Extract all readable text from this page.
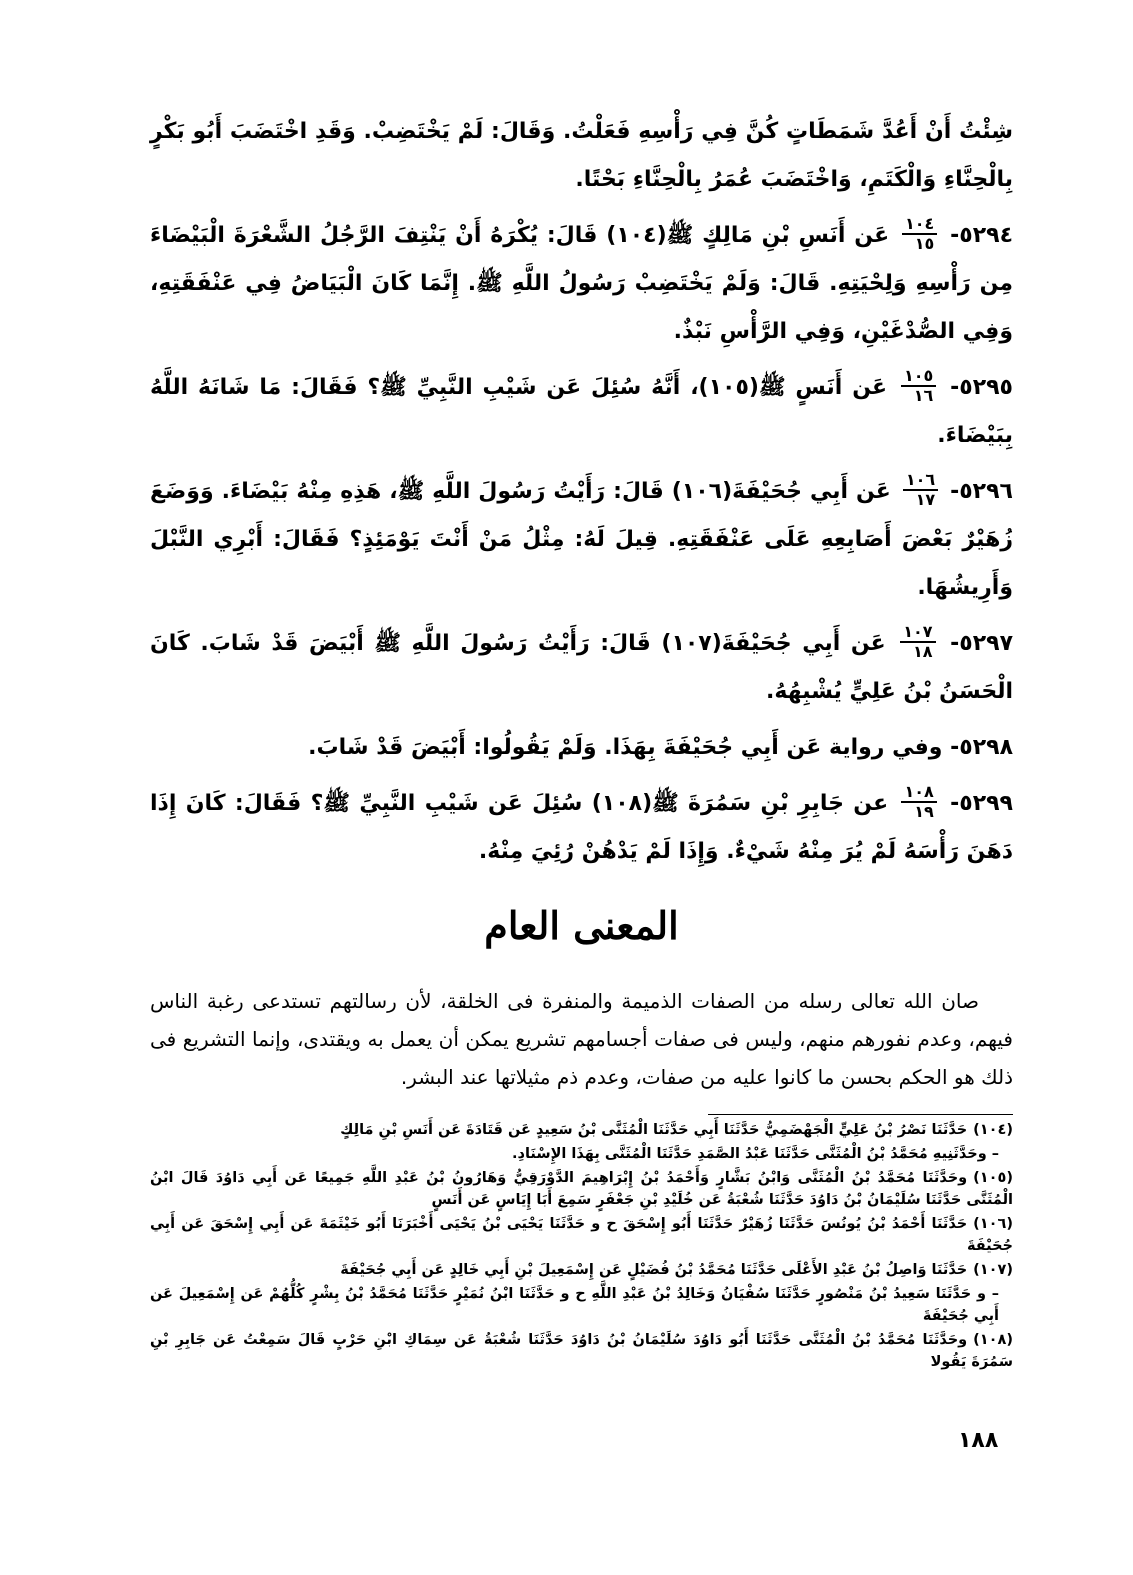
شِئْتُ أَنْ أَعُدَّ شَمَطَاتٍ كُنَّ فِي رَأْسِهِ فَعَلْتُ. وَقَالَ: لَمْ يَخْتَضِبْ. وَقَدِ اخْتَضَبَ أَبُو بَكْرٍ بِالْحِنَّاءِ وَالْكَتَمِ، وَاخْتَضَبَ عُمَرُ بِالْحِنَّاءِ بَحْتًا.

٥٢٩٤-
$\frac{١٠٤}{١٥}$
عَن أَنَسِ بْنِ مَالِكٍ ﷺ(١٠٤) قَالَ: يُكْرَهُ أَنْ يَنْتِفَ الرَّجُلُ الشَّعْرَةَ الْبَيْضَاءَ مِن رَأْسِهِ وَلِحْيَتِهِ. قَالَ: وَلَمْ يَخْتَضِبْ رَسُولُ اللَّهِ ﷺ. إِنَّمَا كَانَ الْبَيَاضُ فِي عَنْفَقَتِهِ، وَفِي الصُّدْغَيْنِ، وَفِي الرَّأْسِ نَبْذٌ.

٥٢٩٥-
$\frac{١٠٥}{١٦}$
عَن أَنَسٍ ﷺ(١٠٥)، أَنَّهُ سُئِلَ عَن شَيْبِ النَّبِيِّ ﷺ؟ فَقَالَ: مَا شَانَهُ اللَّهُ بِبَيْضَاءَ.

٥٢٩٦-
$\frac{١٠٦}{١٧}$
عَن أَبِي جُحَيْفَةَ(١٠٦) قَالَ: رَأَيْتُ رَسُولَ اللَّهِ ﷺ، هَذِهِ مِنْهُ بَيْضَاءَ. وَوَضَعَ زُهَيْرٌ بَعْضَ أَصَابِعِهِ عَلَى عَنْفَقَتِهِ. قِيلَ لَهُ: مِثْلُ مَنْ أَنْتَ يَوْمَئِذٍ؟ فَقَالَ: أَبْرِي النَّبْلَ وَأَرِيشُهَا.

٥٢٩٧-
$\frac{١٠٧}{١٨}$
عَن أَبِي جُحَيْفَةَ(١٠٧) قَالَ: رَأَيْتُ رَسُولَ اللَّهِ ﷺ أَبْيَضَ قَدْ شَابَ. كَانَ الْحَسَنُ بْنُ عَلِيٍّ يُشْبِهُهُ.

٥٢٩٨- وفي رواية عَن أَبِي جُحَيْفَةَ بِهَذَا. وَلَمْ يَقُولُوا: أَبْيَضَ قَدْ شَابَ.

٥٢٩٩-
$\frac{١٠٨}{١٩}$
عن جَابِرِ بْنِ سَمُرَةَ ﷺ(١٠٨) سُئِلَ عَن شَيْبِ النَّبِيِّ ﷺ؟ فَقَالَ: كَانَ إِذَا دَهَنَ رَأْسَهُ لَمْ يُرَ مِنْهُ شَيْءٌ. وَإِذَا لَمْ يَدْهُنْ رُئِيَ مِنْهُ.

المعنى العام

صان الله تعالى رسله من الصفات الذميمة والمنفرة فى الخلقة، لأن رسالتهم تستدعى رغبة الناس فيهم، وعدم نفورهم منهم، وليس فى صفات أجسامهم تشريع يمكن أن يعمل به ويقتدى، وإنما التشريع فى ذلك هو الحكم بحسن ما كانوا عليه من صفات، وعدم ذم مثيلاتها عند البشر.

(١٠٤)حَدَّثَنَا نَصْرُ بْنُ عَلِيٍّ الْجَهْضَمِيُّ حَدَّثَنَا أَبِي حَدَّثَنَا الْمُثَنَّى بْنُ سَعِيدٍ عَن قَتَادَةَ عَن أَنَسِ بْنِ مَالِكٍ
– وحَدَّثَنِيهِ مُحَمَّدُ بْنُ الْمُثَنَّى حَدَّثَنَا عَبْدُ الصَّمَدِ حَدَّثَنَا الْمُثَنَّى بِهَذَا الإِسْنَادِ.
(١٠٥)وحَدَّثَنَا مُحَمَّدُ بْنُ الْمُثَنَّى وَابْنُ بَشَّارٍ وَأَحْمَدُ بْنُ إِبْرَاهِيمَ الدَّوْرَقِيُّ وَهَارُونُ بْنُ عَبْدِ اللَّهِ جَمِيعًا عَن أَبِي دَاوُدَ قَالَ ابْنُ الْمُثَنَّى حَدَّثَنَا سُلَيْمَانُ بْنُ دَاوُدَ حَدَّثَنَا شُعْبَةُ عَن خُلَيْدِ بْنِ جَعْفَرٍ سَمِعَ أَبَا إِيَاسٍ عَن أَنَسٍ
(١٠٦)حَدَّثَنَا أَحْمَدُ بْنُ يُونُسَ حَدَّثَنَا زُهَيْرٌ حَدَّثَنَا أَبُو إِسْحَقَ ح و حَدَّثَنَا يَحْيَى بْنُ يَحْيَى أَخْبَرَنَا أَبُو خَيْثَمَةَ عَن أَبِي إِسْحَقَ عَن أَبِي جُحَيْفَةَ
(١٠٧)حَدَّثَنَا وَاصِلُ بْنُ عَبْدِ الأَعْلَى حَدَّثَنَا مُحَمَّدُ بْنُ فُضَيْلٍ عَن إِسْمَعِيلَ بْنِ أَبِي خَالِدٍ عَن أَبِي جُحَيْفَةَ
– و حَدَّثَنَا سَعِيدُ بْنُ مَنْصُورٍ حَدَّثَنَا سُفْيَانُ وَخَالِدُ بْنُ عَبْدِ اللَّهِ ح و حَدَّثَنَا ابْنُ نُمَيْرٍ حَدَّثَنَا مُحَمَّدُ بْنُ بِشْرٍ كُلُّهُمْ عَن إِسْمَعِيلَ عَن أَبِي جُحَيْفَةَ
(١٠٨)وحَدَّثَنَا مُحَمَّدُ بْنُ الْمُثَنَّى حَدَّثَنَا أَبُو دَاوُدَ سُلَيْمَانُ بْنُ دَاوُدَ حَدَّثَنَا شُعْبَةُ عَن سِمَاكِ ابْنِ حَرْبٍ قَالَ سَمِعْتُ عَن جَابِرِ بْنِ سَمُرَةَ يَقُولا
١٨٨
